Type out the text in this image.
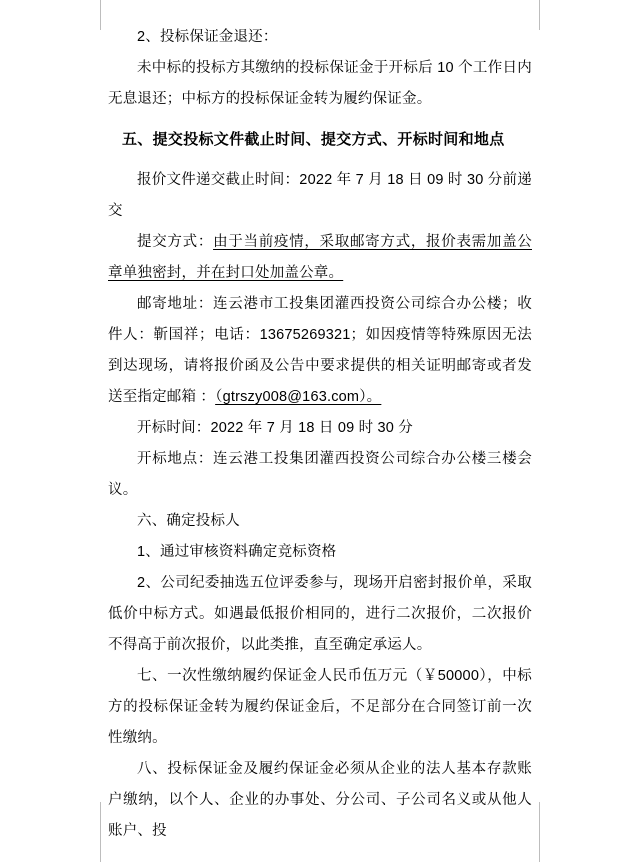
2、投标保证金退还：

未中标的投标方其缴纳的投标保证金于开标后 10 个工作日内无息退还；中标方的投标保证金转为履约保证金。

五、提交投标文件截止时间、提交方式、开标时间和地点

报价文件递交截止时间：2022 年 7 月 18 日 09 时 30 分前递交

提交方式：由于当前疫情，采取邮寄方式，报价表需加盖公章单独密封，并在封口处加盖公章。

邮寄地址：连云港市工投集团灌西投资公司综合办公楼；收件人：靳国祥；电话：13675269321；如因疫情等特殊原因无法到达现场，请将报价函及公告中要求提供的相关证明邮寄或者发送至指定邮箱 ：（gtrszy008@163.com）。

开标时间：2022 年 7 月 18 日 09 时 30 分

开标地点：连云港工投集团灌西投资公司综合办公楼三楼会议。

六、确定投标人

1、通过审核资料确定竞标资格

2、公司纪委抽选五位评委参与，现场开启密封报价单，采取低价中标方式。如遇最低报价相同的，进行二次报价，二次报价不得高于前次报价，以此类推，直至确定承运人。

七、一次性缴纳履约保证金人民币伍万元（￥50000），中标方的投标保证金转为履约保证金后，不足部分在合同签订前一次性缴纳。

八、投标保证金及履约保证金必须从企业的法人基本存款账户缴纳，以个人、企业的办事处、分公司、子公司名义或从他人账户、投
